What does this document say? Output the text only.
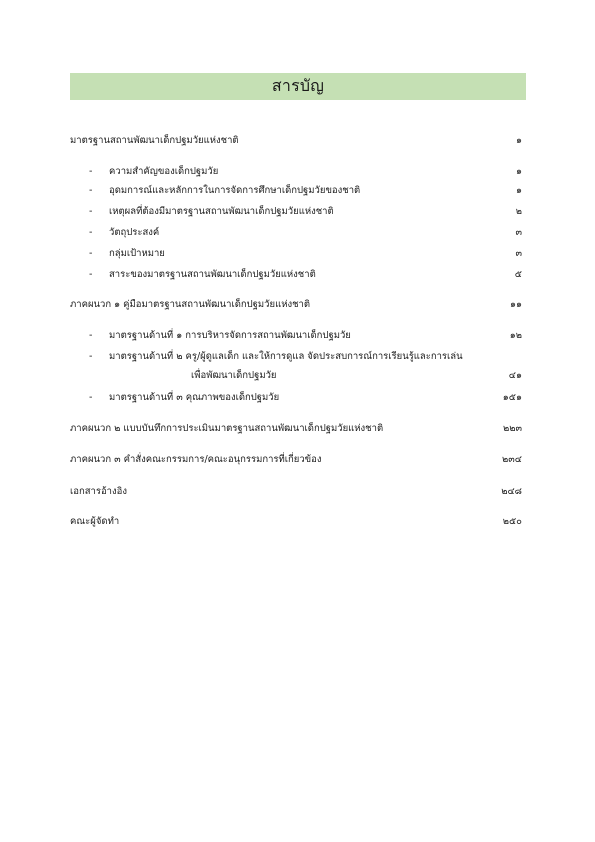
สารบัญ
มาตรฐานสถานพัฒนาเด็กปฐมวัยแห่งชาติ	๑
- ความสำคัญของเด็กปฐมวัย	๑
- อุดมการณ์และหลักการในการจัดการศึกษาเด็กปฐมวัยของชาติ	๑
- เหตุผลที่ต้องมีมาตรฐานสถานพัฒนาเด็กปฐมวัยแห่งชาติ	๒
- วัตถุประสงค์	๓
- กลุ่มเป้าหมาย	๓
- สาระของมาตรฐานสถานพัฒนาเด็กปฐมวัยแห่งชาติ	๕
ภาคผนวก ๑ คู่มือมาตรฐานสถานพัฒนาเด็กปฐมวัยแห่งชาติ	๑๑
- มาตรฐานด้านที่ ๑ การบริหารจัดการสถานพัฒนาเด็กปฐมวัย	๑๒
- มาตรฐานด้านที่ ๒ ครู/ผู้ดูแลเด็ก และให้การดูแล จัดประสบการณ์การเรียนรู้และการเล่น
เพื่อพัฒนาเด็กปฐมวัย	๔๑
- มาตรฐานด้านที่ ๓ คุณภาพของเด็กปฐมวัย	๑๕๑
ภาคผนวก ๒ แบบบันทึกการประเมินมาตรฐานสถานพัฒนาเด็กปฐมวัยแห่งชาติ	๒๒๓
ภาคผนวก ๓ คำสั่งคณะกรรมการ/คณะอนุกรรมการที่เกี่ยวข้อง	๒๓๔
เอกสารอ้างอิง	๒๔๘
คณะผู้จัดทำ	๒๕๐
